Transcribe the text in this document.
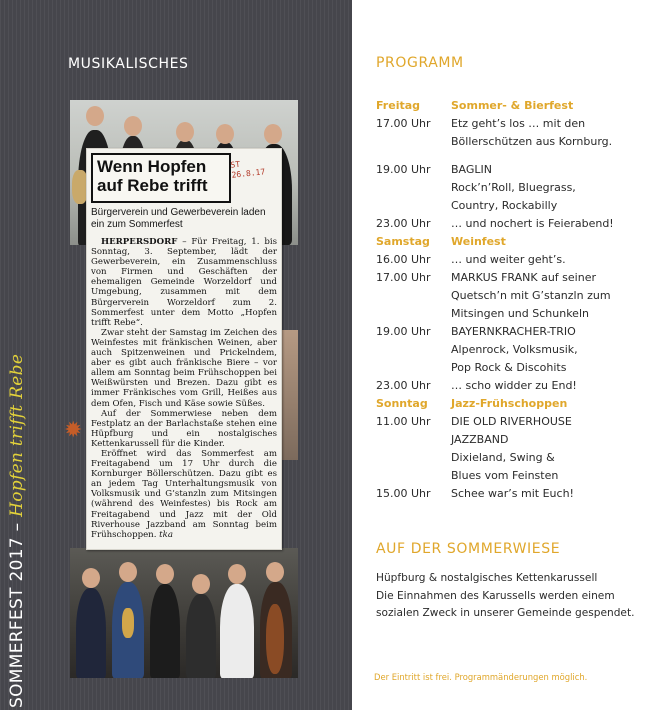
SOMMERFEST 2017 – Hopfen trifft Rebe
MUSIKALISCHES
✹
Wenn Hopfen
auf Rebe trifft
ST
26.8.17
Bürgerverein und Gewerbeverein laden ein zum Sommerfest

HERPERSDORF – Für Freitag, 1. bis Sonntag, 3. September, lädt der Gewerbeverein, ein Zusammenschluss von Firmen und Geschäften der ehemaligen Gemeinde Worzeldorf und Umgebung, zusammen mit dem Bürgerverein Worzeldorf zum 2. Sommerfest unter dem Motto „Hopfen trifft Rebe“.

Zwar steht der Samstag im Zeichen des Weinfestes mit fränkischen Weinen, aber auch Spitzenweinen und Prickelndem, aber es gibt auch fränkische Biere – vor allem am Sonntag beim Frühschoppen bei Weißwürsten und Brezen. Dazu gibt es immer Fränkisches vom Grill, Heißes aus dem Ofen, Fisch und Käse sowie Süßes.

Auf der Sommerwiese neben dem Festplatz an der Barlachstaße stehen eine Hüpfburg und ein nostalgisches Kettenkarussell für die Kinder.

Eröffnet wird das Sommerfest am Freitagabend um 17 Uhr durch die Kornburger Böllerschützen. Dazu gibt es an jedem Tag Unterhaltungsmusik von Volksmusik und G’stanzln zum Mitsingen (während des Weinfestes) bis Rock am Freitagabend und Jazz mit der Old Riverhouse Jazzband am Sonntag beim Frühschoppen. tka

PROGRAMM
Freitag	Sommer- & Bierfest
17.00 Uhr	Etz geht’s los … mit den
Böllerschützen aus Kornburg.
19.00 Uhr	BAGLIN
Rock’n’Roll, Bluegrass,
Country, Rockabilly
23.00 Uhr	… und nochert is Feierabend!
Samstag	Weinfest
16.00 Uhr	… und weiter geht’s.
17.00 Uhr	MARKUS FRANK auf seiner
Quetsch’n mit G’stanzln zum
Mitsingen und Schunkeln
19.00 Uhr	BAYERNKRACHER-TRIO
Alpenrock, Volksmusik,
Pop Rock & Discohits
23.00 Uhr	… scho widder zu End!
Sonntag	Jazz-Frühschoppen
11.00 Uhr	DIE OLD RIVERHOUSE
JAZZBAND
Dixieland, Swing &
Blues vom Feinsten
15.00 Uhr	Schee war’s mit Euch!
AUF DER SOMMERWIESE
Hüpfburg & nostalgisches Kettenkarussell
Die Einnahmen des Karussells werden einem
sozialen Zweck in unserer Gemeinde gespendet.
Der Eintritt ist frei. Programmänderungen möglich.
